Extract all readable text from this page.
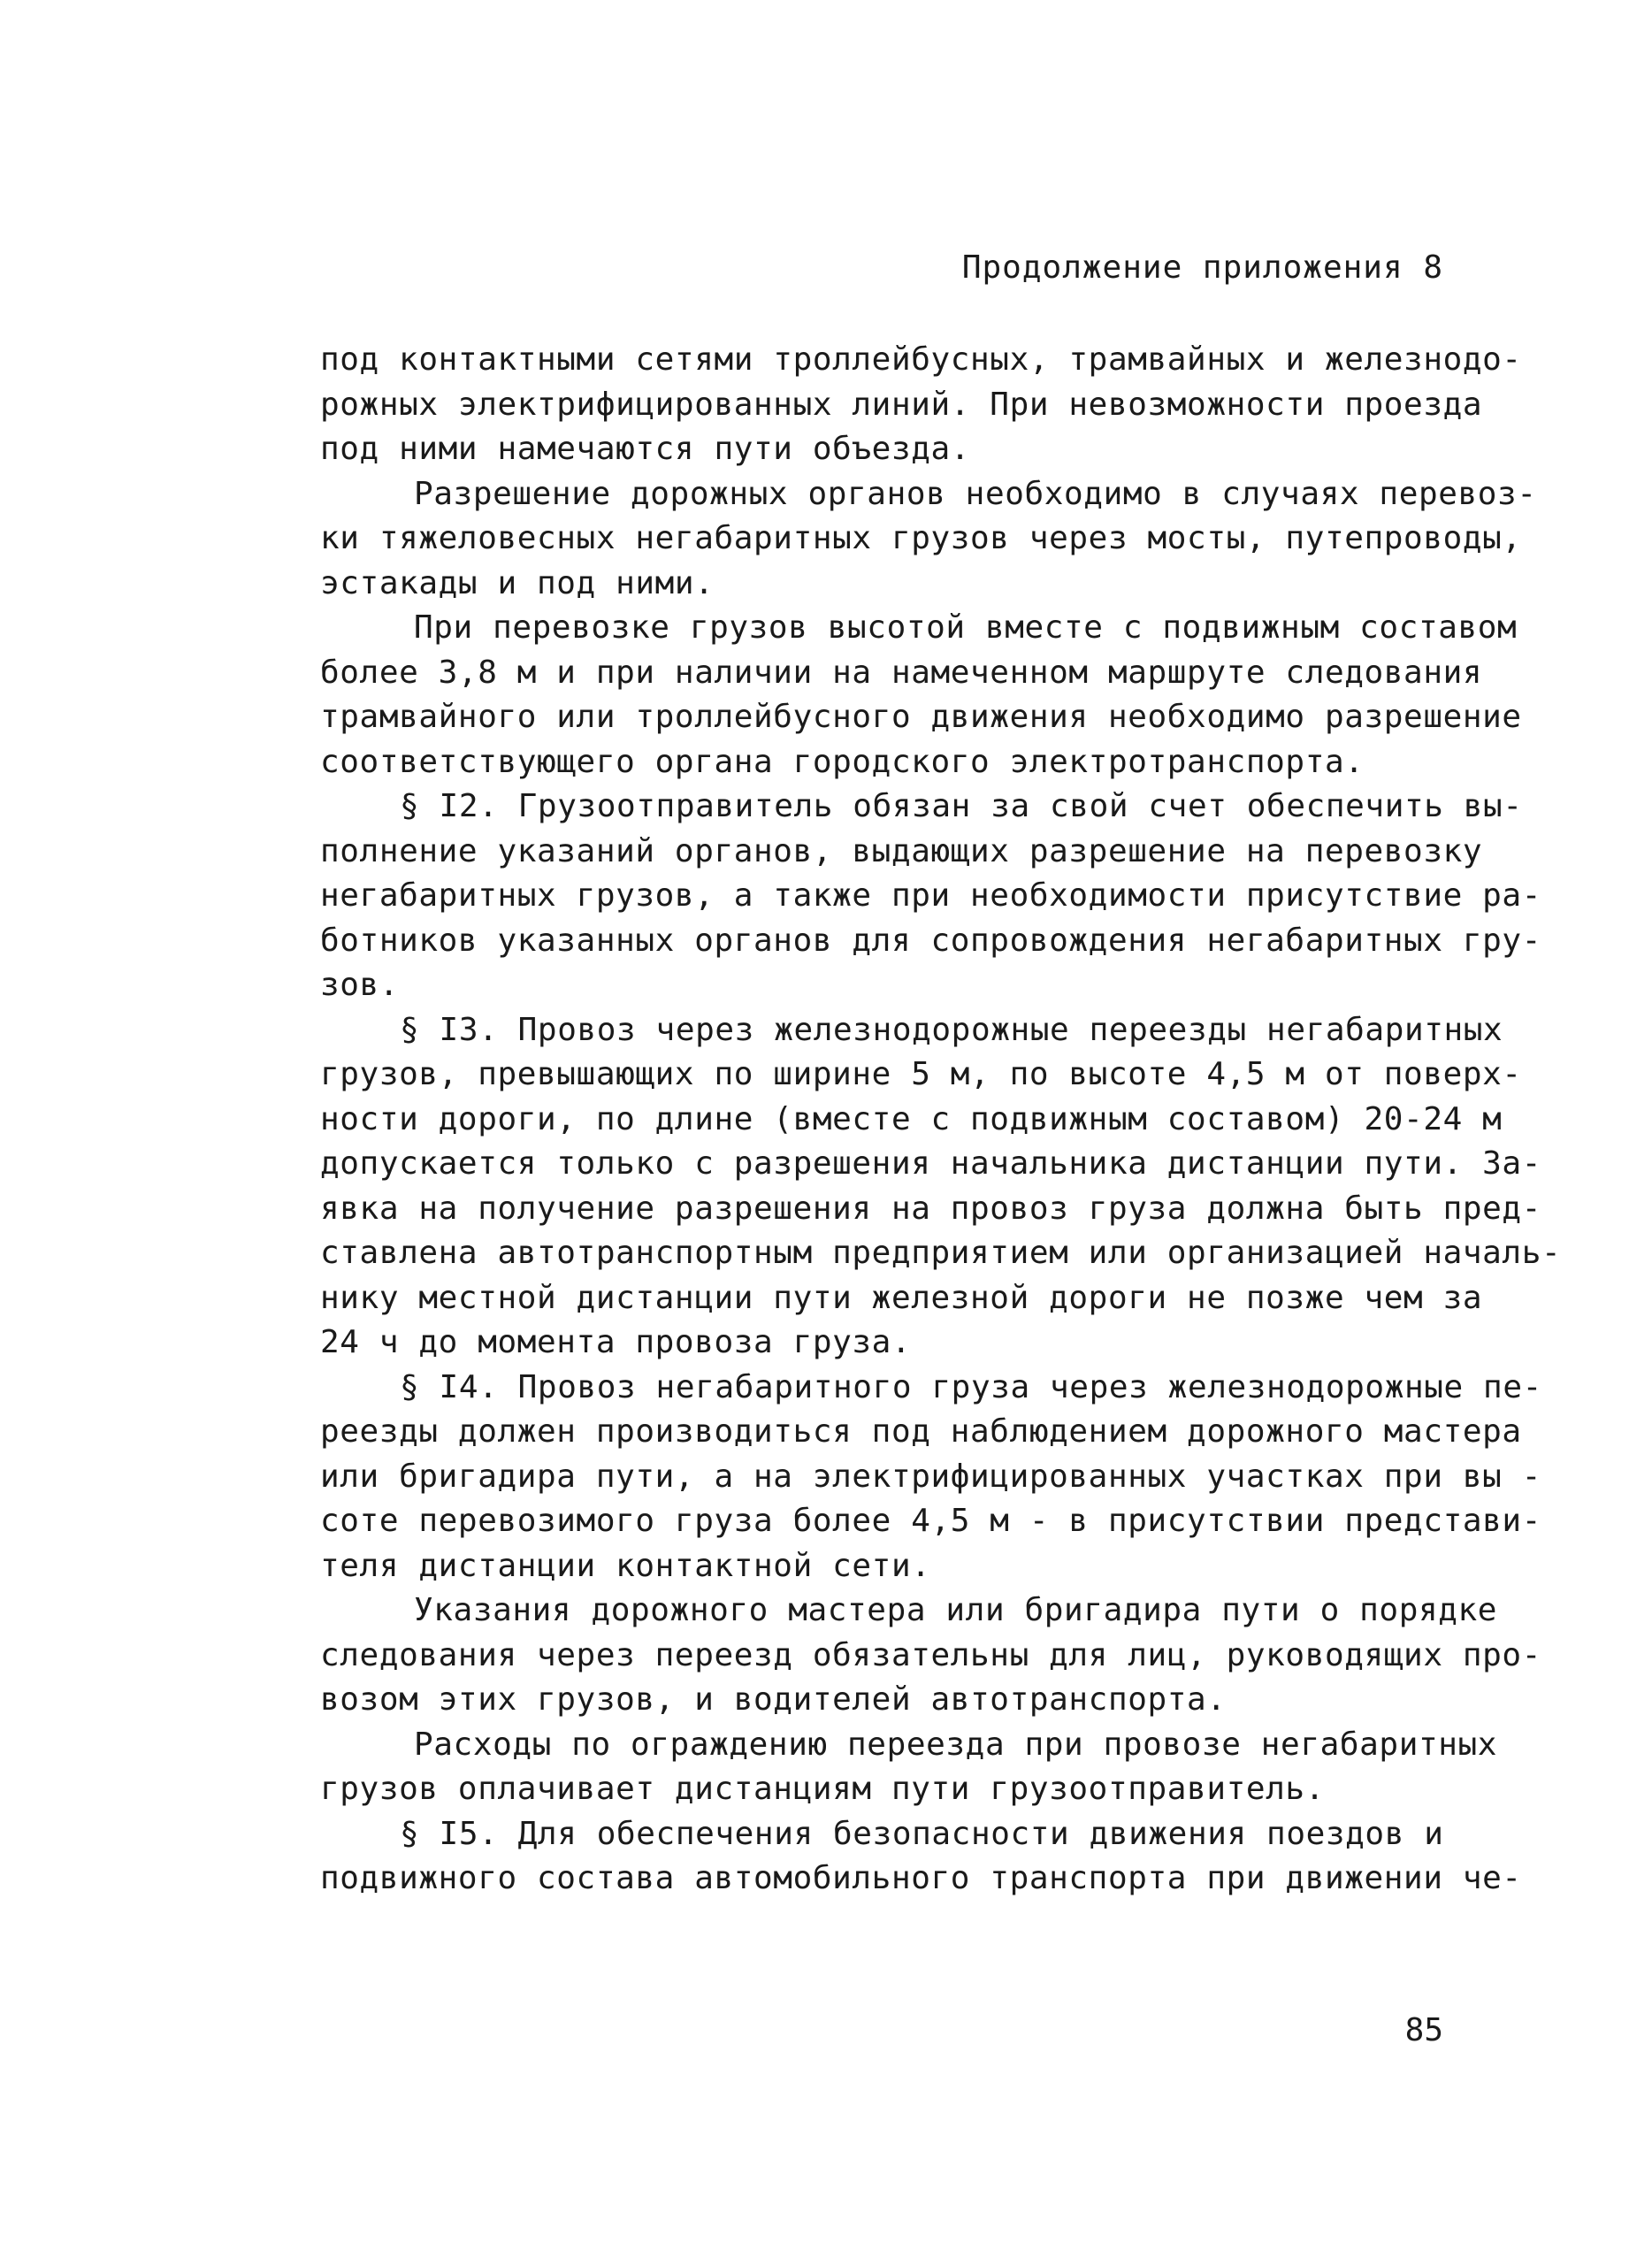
Продолжение приложения 8
под контактными сетями троллейбусных, трамвайных и железнодо-
рожных электрифицированных линий. При невозможности проезда
под ними намечаются пути объезда.
Разрешение дорожных органов необходимо в случаях перевоз-
ки тяжеловесных негабаритных грузов через мосты, путепроводы,
эстакады и под ними.
При перевозке грузов высотой вместе с подвижным составом
более 3,8 м и при наличии на намеченном маршруте следования
трамвайного или троллейбусного движения необходимо разрешение
соответствующего органа городского электротранспорта.
§ I2. Грузоотправитель обязан за свой счет обеспечить вы-
полнение указаний органов, выдающих разрешение на перевозку
негабаритных грузов, а также при необходимости присутствие ра-
ботников указанных органов для сопровождения негабаритных гру-
зов.
§ I3. Провоз через железнодорожные переезды негабаритных
грузов, превышающих по ширине 5 м, по высоте 4,5 м от поверх-
ности дороги, по длине (вместе с подвижным составом) 20-24 м
допускается только с разрешения начальника дистанции пути. За-
явка на получение разрешения на провоз груза должна быть пред-
ставлена автотранспортным предприятием или организацией началь-
нику местной дистанции пути железной дороги не позже чем за
24 ч до момента провоза груза.
§ I4. Провоз негабаритного груза через железнодорожные пе-
реезды должен производиться под наблюдением дорожного мастера
или бригадира пути, а на электрифицированных участках при вы -
соте перевозимого груза более 4,5 м - в присутствии представи-
теля дистанции контактной сети.
Указания дорожного мастера или бригадира пути о порядке
следования через переезд обязательны для лиц, руководящих про-
возом этих грузов, и водителей автотранспорта.
Расходы по ограждению переезда при провозе негабаритных
грузов оплачивает дистанциям пути грузоотправитель.
§ I5. Для обеспечения безопасности движения поездов и
подвижного состава автомобильного транспорта при движении че-
85
